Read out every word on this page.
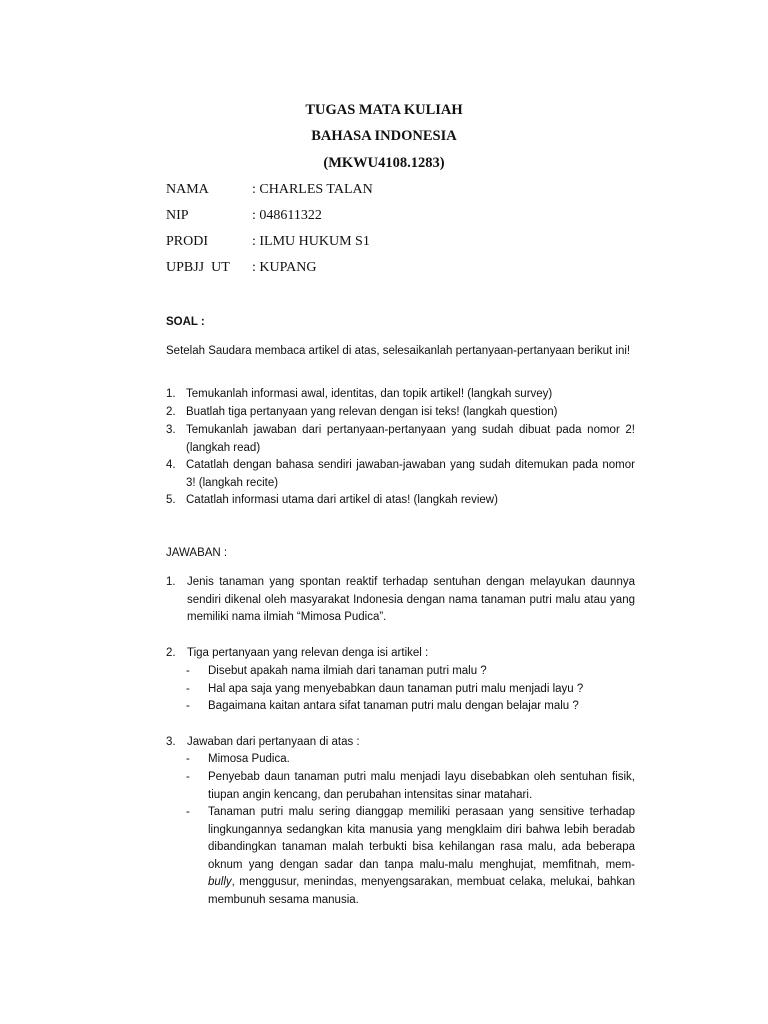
TUGAS MATA KULIAH
BAHASA INDONESIA
(MKWU4108.1283)
NAMA	: CHARLES TALAN
NIP	: 048611322
PRODI	: ILMU HUKUM S1
UPBJJ  UT : KUPANG
SOAL :
Setelah Saudara membaca artikel di atas, selesaikanlah pertanyaan-pertanyaan berikut ini!
1. Temukanlah informasi awal, identitas, dan topik artikel! (langkah survey)
2. Buatlah tiga pertanyaan yang relevan dengan isi teks! (langkah question)
3. Temukanlah jawaban dari pertanyaan-pertanyaan yang sudah dibuat pada nomor 2! (langkah read)
4. Catatlah dengan bahasa sendiri jawaban-jawaban yang sudah ditemukan pada nomor 3! (langkah recite)
5. Catatlah informasi utama dari artikel di atas! (langkah review)
JAWABAN :
1. Jenis tanaman yang spontan reaktif terhadap sentuhan dengan melayukan daunnya sendiri dikenal oleh masyarakat Indonesia dengan nama tanaman putri malu atau yang memiliki nama ilmiah “Mimosa Pudica”.
2. Tiga pertanyaan yang relevan denga isi artikel :
- Disebut apakah nama ilmiah dari tanaman putri malu ?
- Hal apa saja yang menyebabkan daun tanaman putri malu menjadi layu ?
- Bagaimana kaitan antara sifat tanaman putri malu dengan belajar malu ?
3. Jawaban dari pertanyaan di atas :
- Mimosa Pudica.
- Penyebab daun tanaman putri malu menjadi layu disebabkan oleh sentuhan fisik, tiupan angin kencang, dan perubahan intensitas sinar matahari.
- Tanaman putri malu sering dianggap memiliki perasaan yang sensitive terhadap lingkungannya sedangkan kita manusia yang mengklaim diri bahwa lebih beradab dibandingkan tanaman malah terbukti bisa kehilangan rasa malu, ada beberapa oknum yang dengan sadar dan tanpa malu-malu menghujat, memfitnah, mem-bully, menggusur, menindas, menyengsarakan, membuat celaka, melukai, bahkan membunuh sesama manusia.
